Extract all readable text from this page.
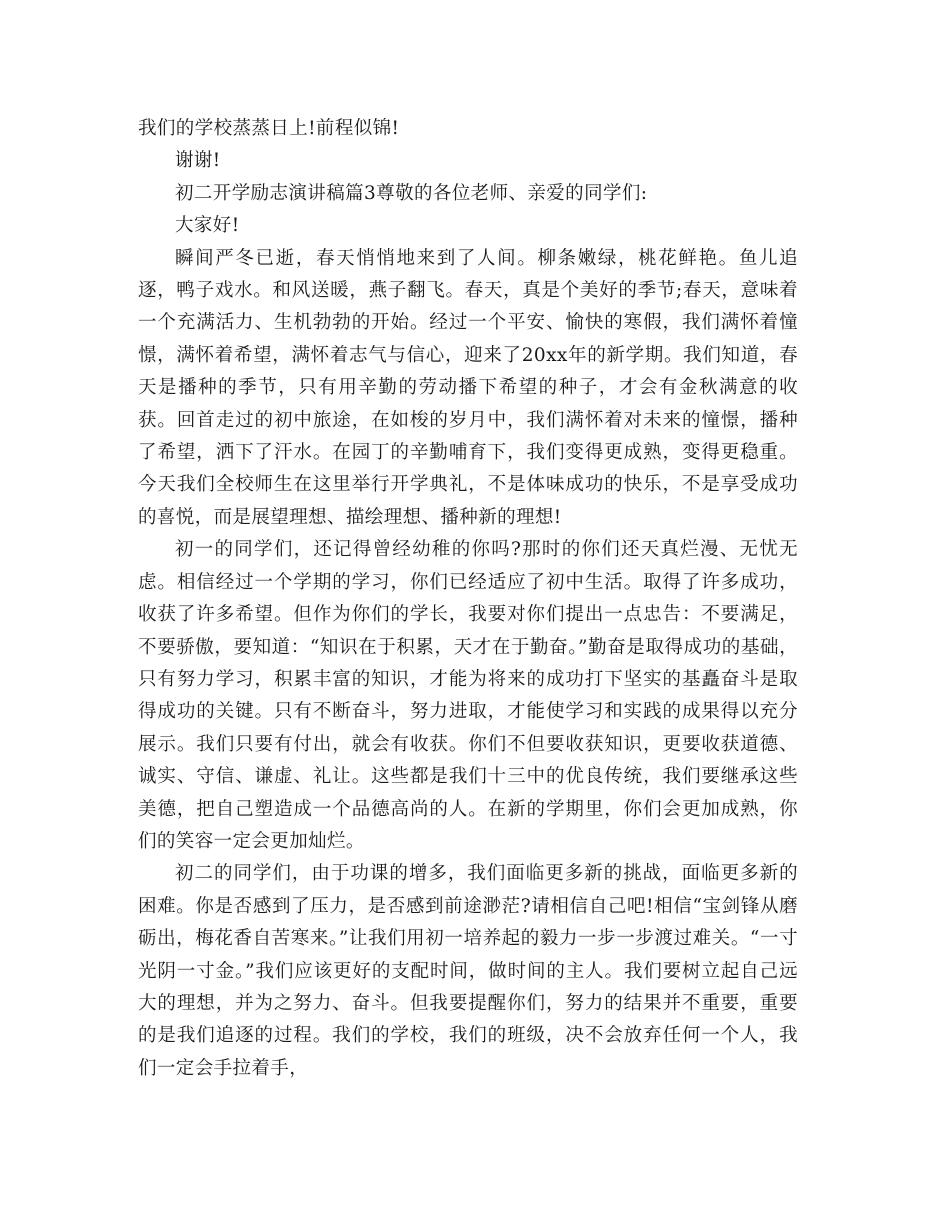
我们的学校蒸蒸日上!前程似锦!

谢谢!

初二开学励志演讲稿篇3尊敬的各位老师、亲爱的同学们:

大家好!

瞬间严冬已逝，春天悄悄地来到了人间。柳条嫩绿，桃花鲜艳。鱼儿追逐，鸭子戏水。和风送暖，燕子翻飞。春天，真是个美好的季节;春天，意味着一个充满活力、生机勃勃的开始。经过一个平安、愉快的寒假，我们满怀着憧憬，满怀着希望，满怀着志气与信心，迎来了20xx年的新学期。我们知道，春天是播种的季节，只有用辛勤的劳动播下希望的种子，才会有金秋满意的收获。回首走过的初中旅途，在如梭的岁月中，我们满怀着对未来的憧憬，播种了希望，洒下了汗水。在园丁的辛勤哺育下，我们变得更成熟，变得更稳重。今天我们全校师生在这里举行开学典礼，不是体味成功的快乐，不是享受成功的喜悦，而是展望理想、描绘理想、播种新的理想!

初一的同学们，还记得曾经幼稚的你吗?那时的你们还天真烂漫、无忧无虑。相信经过一个学期的学习，你们已经适应了初中生活。取得了许多成功，收获了许多希望。但作为你们的学长，我要对你们提出一点忠告：不要满足，不要骄傲，要知道：“知识在于积累，天才在于勤奋。”勤奋是取得成功的基础，只有努力学习，积累丰富的知识，才能为将来的成功打下坚实的基矗奋斗是取得成功的关键。只有不断奋斗，努力进取，才能使学习和实践的成果得以充分展示。我们只要有付出，就会有收获。你们不但要收获知识，更要收获道德、诚实、守信、谦虚、礼让。这些都是我们十三中的优良传统，我们要继承这些美德，把自己塑造成一个品德高尚的人。在新的学期里，你们会更加成熟，你们的笑容一定会更加灿烂。

初二的同学们，由于功课的增多，我们面临更多新的挑战，面临更多新的困难。你是否感到了压力，是否感到前途渺茫?请相信自己吧!相信“宝剑锋从磨砺出，梅花香自苦寒来。”让我们用初一培养起的毅力一步一步渡过难关。“一寸光阴一寸金。”我们应该更好的支配时间，做时间的主人。我们要树立起自己远大的理想，并为之努力、奋斗。但我要提醒你们，努力的结果并不重要，重要的是我们追逐的过程。我们的学校，我们的班级，决不会放弃任何一个人，我们一定会手拉着手，
